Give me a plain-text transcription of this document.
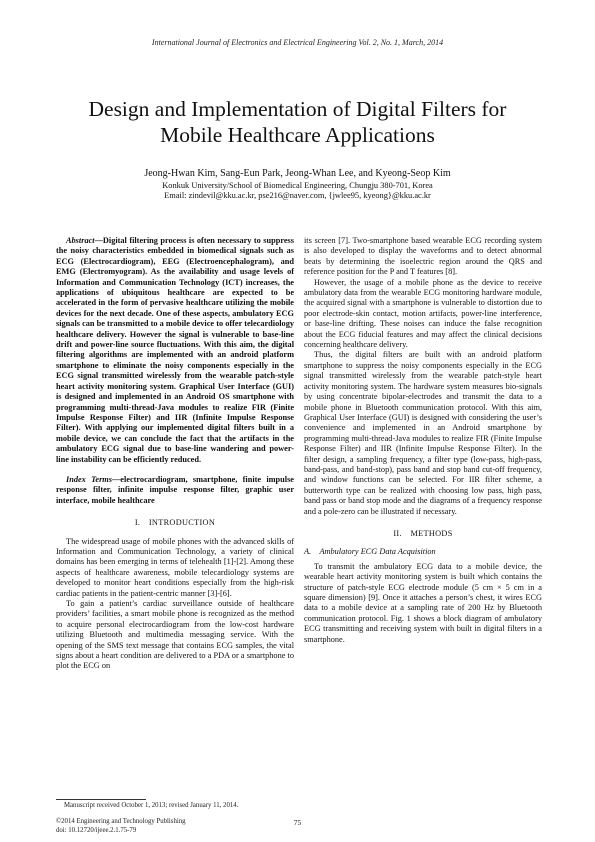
International Journal of Electronics and Electrical Engineering Vol. 2, No. 1, March, 2014
Design and Implementation of Digital Filters for
Mobile Healthcare Applications
Jeong-Hwan Kim, Sang-Eun Park, Jeong-Whan Lee, and Kyeong-Seop Kim
Konkuk University/School of Biomedical Engineering, Chungju 380-701, Korea
Email: zindevil@kku.ac.kr, pse216@naver.com, {jwlee95, kyeong}@kku.ac.kr

Abstract—Digital filtering process is often necessary to suppress the noisy characteristics embedded in biomedical signals such as ECG (Electrocardiogram), EEG (Electroencephalogram), and EMG (Electromyogram). As the availability and usage levels of Information and Communication Technology (ICT) increases, the applications of ubiquitous healthcare are expected to be accelerated in the form of pervasive healthcare utilizing the mobile devices for the next decade. One of these aspects, ambulatory ECG signals can be transmitted to a mobile device to offer telecardiology healthcare delivery. However the signal is vulnerable to base-line drift and power-line source fluctuations. With this aim, the digital filtering algorithms are implemented with an android platform smartphone to eliminate the noisy components especially in the ECG signal transmitted wirelessly from the wearable patch-style heart activity monitoring system. Graphical User Interface (GUI) is designed and implemented in an Android OS smartphone with programming multi-thread-Java modules to realize FIR (Finite Impulse Response Filter) and IIR (Infinite Impulse Response Filter). With applying our implemented digital filters built in a mobile device, we can conclude the fact that the artifacts in the ambulatory ECG signal due to base-line wandering and power- line instability can be efficiently reduced.

Index Terms—electrocardiogram, smartphone, finite impulse response filter, infinite impulse response filter, graphic user interface, mobile healthcare

I. INTRODUCTION

The widespread usage of mobile phones with the advanced skills of Information and Communication Technology, a variety of clinical domains has been emerging in terms of telehealth [1]-[2]. Among these aspects of healthcare awareness, mobile telecardiology systems are developed to monitor heart conditions especially from the high-risk cardiac patients in the patient-centric manner [3]-[6].

To gain a patient’s cardiac surveillance outside of healthcare providers’ facilities, a smart mobile phone is recognized as the method to acquire personal electrocardiogram from the low-cost hardware utilizing Bluetooth and multimedia messaging service. With the opening of the SMS text message that contains ECG samples, the vital signs about a heart condition are delivered to a PDA or a smartphone to plot the ECG on

its screen [7]. Two-smartphone based wearable ECG recording system is also developed to display the waveforms and to detect abnormal beats by determining the isoelectric region around the QRS and reference position for the P and T features [8].

However, the usage of a mobile phone as the device to receive ambulatory data from the wearable ECG monitoring hardware module, the acquired signal with a smartphone is vulnerable to distortion due to poor electrode-skin contact, motion artifacts, power-line interference, or base-line drifting. These noises can induce the false recognition about the ECG fiducial features and may affect the clinical decisions concerning healthcare delivery.

Thus, the digital filters are built with an android platform smartphone to suppress the noisy components especially in the ECG signal transmitted wirelessly from the wearable patch-style heart activity monitoring system. The hardware system measures bio-signals by using concentrate bipolar-electrodes and transmit the data to a mobile phone in Bluetooth communication protocol. With this aim, Graphical User Interface (GUI) is designed with considering the user’s convenience and implemented in an Android smartphone by programming multi-thread-Java modules to realize FIR (Finite Impulse Response Filter) and IIR (Infinite Impulse Response Filter). In the filter design, a sampling frequency, a filter type (low-pass, high-pass, band-pass, and band-stop), pass band and stop band cut-off frequency, and window functions can be selected. For IIR filter scheme, a butterworth type can be realized with choosing low pass, high pass, band pass or band stop mode and the diagrams of a frequency response and a pole-zero can be illustrated if necessary.

II. METHODS
A. Ambulatory ECG Data Acquisition

To transmit the ambulatory ECG data to a mobile device, the wearable heart activity monitoring system is built which contains the structure of patch-style ECG electrode module (5 cm × 5 cm in a square dimension) [9]. Once it attaches a person’s chest, it wires ECG data to a mobile device at a sampling rate of 200 Hz by Bluetooth communication protocol. Fig. 1 shows a block diagram of ambulatory ECG transmitting and receiving system with built in digital filters in a smartphone.

Manuscript received October 1, 2013; revised January 11, 2014.
©2014 Engineering and Technology Publishing
doi: 10.12720/ijeee.2.1.75-79
75
